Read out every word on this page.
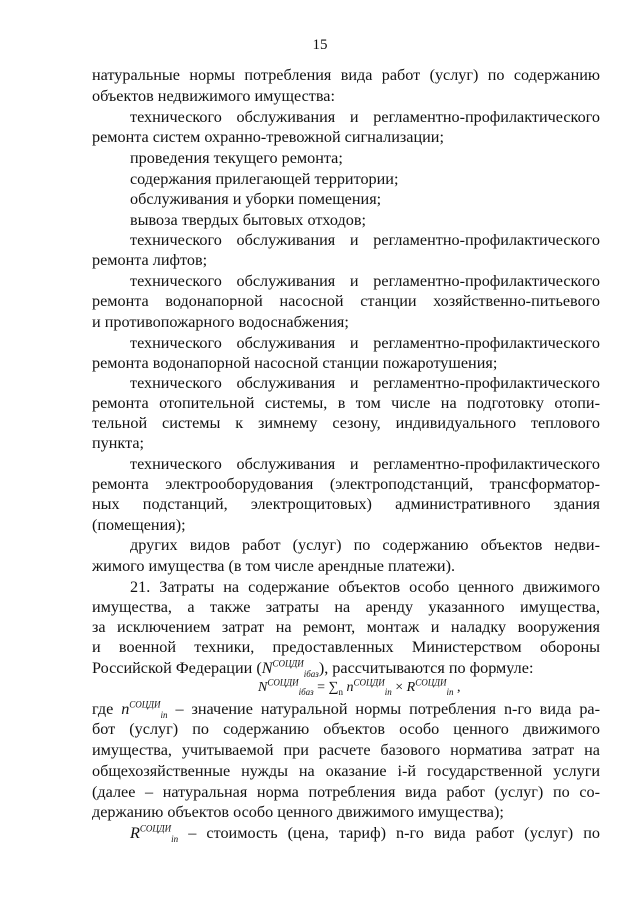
15
натуральные нормы потребления вида работ (услуг) по содержанию
объектов недвижимого имущества:
технического обслуживания и регламентно-профилактического
ремонта систем охранно-тревожной сигнализации;
проведения текущего ремонта;
содержания прилегающей территории;
обслуживания и уборки помещения;
вывоза твердых бытовых отходов;
технического обслуживания и регламентно-профилактического
ремонта лифтов;
технического обслуживания и регламентно-профилактического
ремонта водонапорной насосной станции хозяйственно-питьевого
и противопожарного водоснабжения;
технического обслуживания и регламентно-профилактического
ремонта водонапорной насосной станции пожаротушения;
технического обслуживания и регламентно-профилактического
ремонта отопительной системы, в том числе на подготовку отопи-
тельной системы к зимнему сезону, индивидуального теплового
пункта;
технического обслуживания и регламентно-профилактического
ремонта электрооборудования (электроподстанций, трансформатор-
ных подстанций, электрощитовых) административного здания
(помещения);
других видов работ (услуг) по содержанию объектов недви-
жимого имущества (в том числе арендные платежи).
21. Затраты на содержание объектов особо ценного движимого
имущества, а также затраты на аренду указанного имущества,
за исключением затрат на ремонт, монтаж и наладку вооружения
и военной техники, предоставленных Министерством обороны
Российской Федерации $(N^{СОЦДИ}_{iбаз})$, рассчитываются по формуле:
$N^{СОЦДИ}_{iбаз} = \sum_n$ $n^{СОЦДИ}_{in} \times R^{СОЦДИ}_{in}$ ,
где $n^{СОЦДИ}_{in}$ – значение натуральной нормы потребления n-го вида ра-
бот (услуг) по содержанию объектов особо ценного движимого
имущества, учитываемой при расчете базового норматива затрат на
общехозяйственные нужды на оказание i-й государственной услуги
(далее – натуральная норма потребления вида работ (услуг) по со-
держанию объектов особо ценного движимого имущества);
$R^{СОЦДИ}_{in}$ – стоимость (цена, тариф) n-го вида работ (услуг) по
